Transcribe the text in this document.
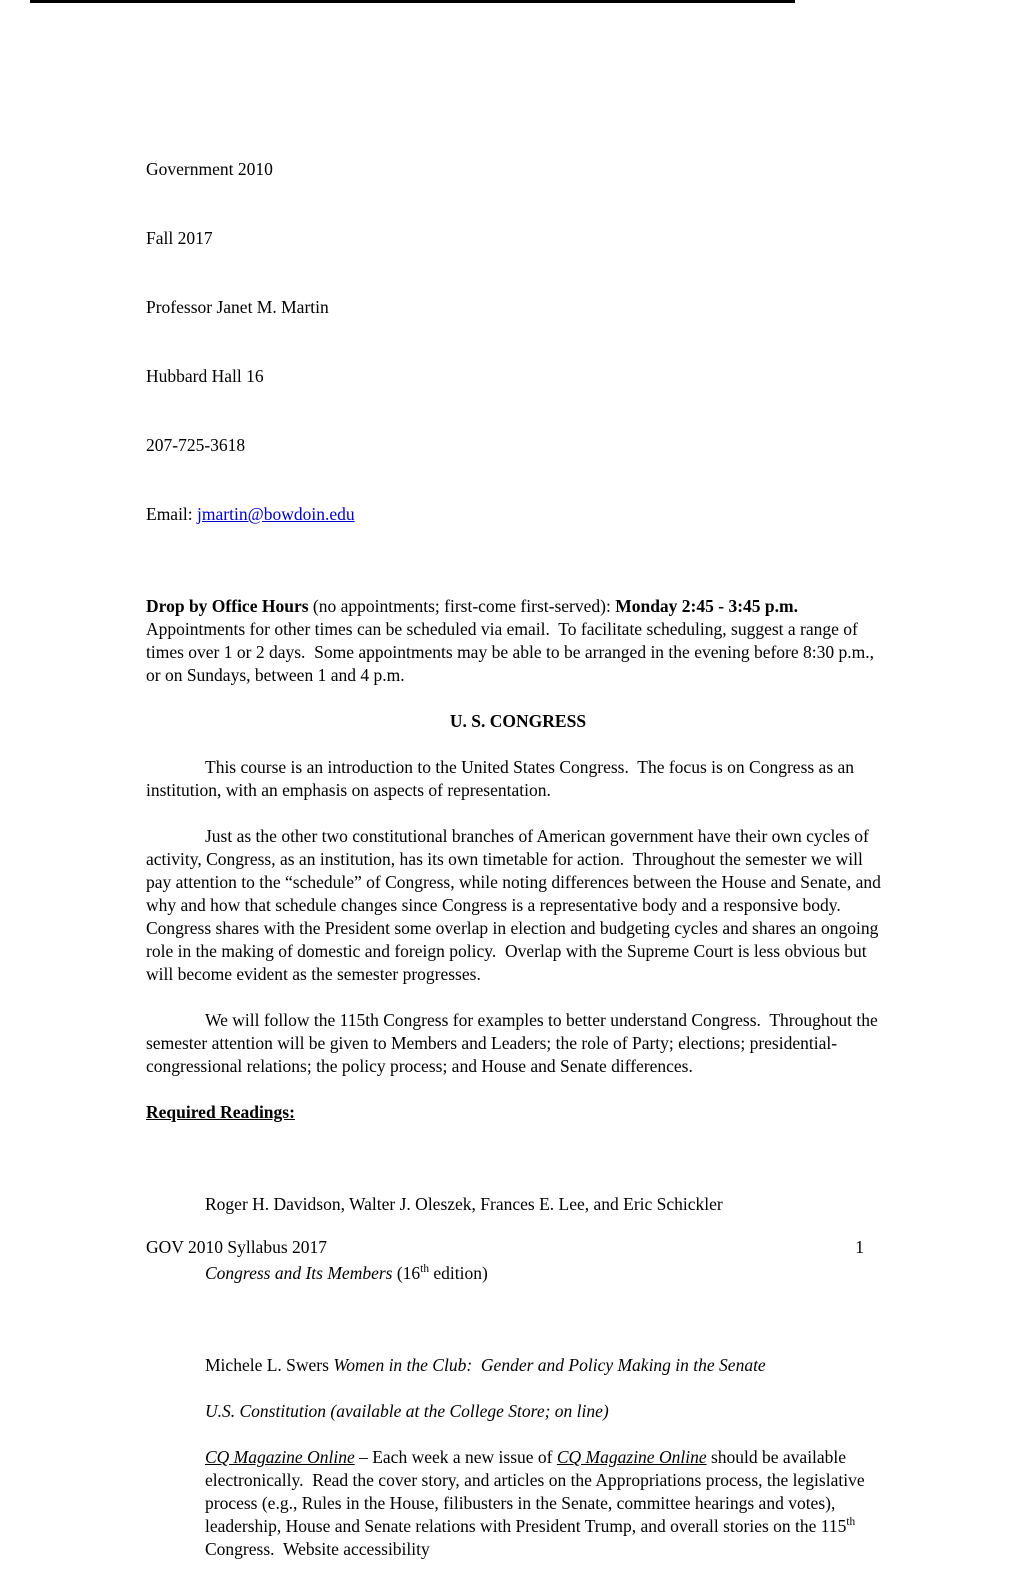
Government 2010

Fall 2017

Professor Janet M. Martin

Hubbard Hall 16

207-725-3618

Email: jmartin@bowdoin.edu

Drop by Office Hours (no appointments; first-come first-served): Monday 2:45 - 3:45 p.m. Appointments for other times can be scheduled via email.  To facilitate scheduling, suggest a range of times over 1 or 2 days.  Some appointments may be able to be arranged in the evening before 8:30 p.m., or on Sundays, between 1 and 4 p.m.

U. S. CONGRESS

This course is an introduction to the United States Congress.  The focus is on Congress as an institution, with an emphasis on aspects of representation.

Just as the other two constitutional branches of American government have their own cycles of activity, Congress, as an institution, has its own timetable for action.  Throughout the semester we will pay attention to the “schedule” of Congress, while noting differences between the House and Senate, and why and how that schedule changes since Congress is a representative body and a responsive body.  Congress shares with the President some overlap in election and budgeting cycles and shares an ongoing role in the making of domestic and foreign policy.  Overlap with the Supreme Court is less obvious but will become evident as the semester progresses.

We will follow the 115th Congress for examples to better understand Congress.  Throughout the semester attention will be given to Members and Leaders; the role of Party; elections; presidential-congressional relations; the policy process; and House and Senate differences.

Required Readings:

Roger H. Davidson, Walter J. Oleszek, Frances E. Lee, and Eric Schickler

Congress and Its Members (16th edition)

Michele L. Swers Women in the Club:  Gender and Policy Making in the Senate
U.S. Constitution (available at the College Store; on line)
CQ Magazine Online – Each week a new issue of CQ Magazine Online should be available electronically.  Read the cover story, and articles on the Appropriations process, the legislative process (e.g., Rules in the House, filibusters in the Senate, committee hearings and votes), leadership, House and Senate relations with President Trump, and overall stories on the 115th Congress.  Website accessibility
GOV 2010 Syllabus 2017	1
